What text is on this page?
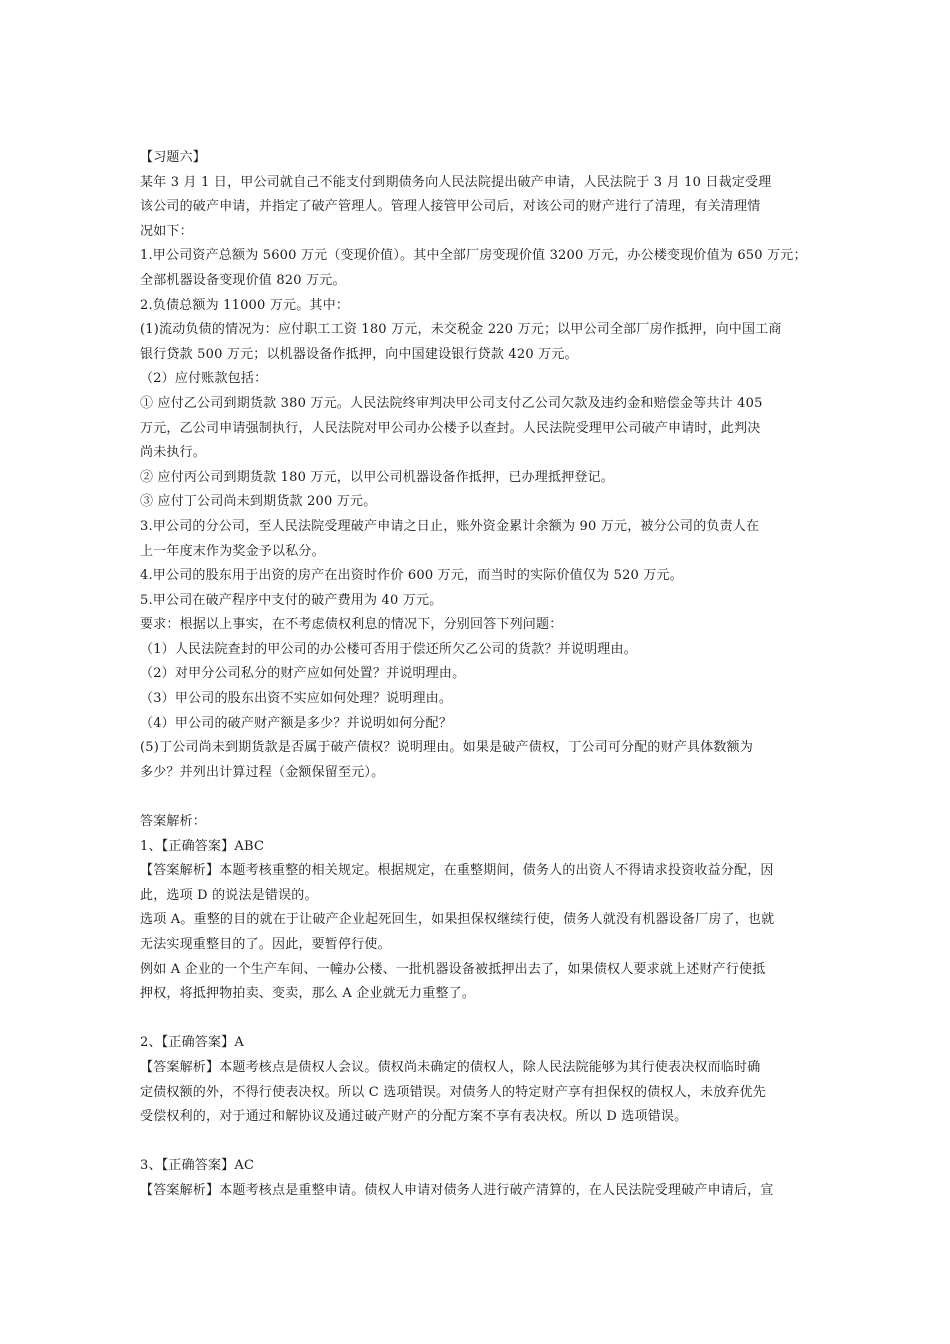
【习题六】
某年 3 月 1 日，甲公司就自己不能支付到期债务向人民法院提出破产申请，人民法院于 3 月 10 日裁定受理
该公司的破产申请，并指定了破产管理人。管理人接管甲公司后，对该公司的财产进行了清理，有关清理情
况如下：
1.甲公司资产总额为 5600 万元（变现价值）。其中全部厂房变现价值 3200 万元，办公楼变现价值为 650 万元；
全部机器设备变现价值 820 万元。
2.负债总额为 11000 万元。其中：
(1)流动负债的情况为：应付职工工资 180 万元，未交税金 220 万元；以甲公司全部厂房作抵押，向中国工商
银行贷款 500 万元；以机器设备作抵押，向中国建设银行贷款 420 万元。
（2）应付账款包括：
① 应付乙公司到期货款 380 万元。人民法院终审判决甲公司支付乙公司欠款及违约金和赔偿金等共计 405
万元，乙公司申请强制执行，人民法院对甲公司办公楼予以查封。人民法院受理甲公司破产申请时，此判决
尚未执行。
② 应付丙公司到期货款 180 万元，以甲公司机器设备作抵押，已办理抵押登记。
③ 应付丁公司尚未到期货款 200 万元。
3.甲公司的分公司，至人民法院受理破产申请之日止，账外资金累计余额为 90 万元，被分公司的负责人在
上一年度末作为奖金予以私分。
4.甲公司的股东用于出资的房产在出资时作价 600 万元，而当时的实际价值仅为 520 万元。
5.甲公司在破产程序中支付的破产费用为 40 万元。
要求：根据以上事实，在不考虑债权利息的情况下，分别回答下列问题：
（1）人民法院查封的甲公司的办公楼可否用于偿还所欠乙公司的货款？并说明理由。
（2）对甲分公司私分的财产应如何处置？并说明理由。
（3）甲公司的股东出资不实应如何处理？说明理由。
（4）甲公司的破产财产额是多少？并说明如何分配？
(5)丁公司尚未到期货款是否属于破产债权？说明理由。如果是破产债权，丁公司可分配的财产具体数额为
多少？并列出计算过程（金额保留至元）。
答案解析：
1、【正确答案】ABC
【答案解析】本题考核重整的相关规定。根据规定，在重整期间，债务人的出资人不得请求投资收益分配，因
此，选项 D 的说法是错误的。
选项 A。重整的目的就在于让破产企业起死回生，如果担保权继续行使，债务人就没有机器设备厂房了，也就
无法实现重整目的了。因此，要暂停行使。
例如 A 企业的一个生产车间、一幢办公楼、一批机器设备被抵押出去了，如果债权人要求就上述财产行使抵
押权，将抵押物拍卖、变卖，那么 A 企业就无力重整了。
2、【正确答案】A
【答案解析】本题考核点是债权人会议。债权尚未确定的债权人，除人民法院能够为其行使表决权而临时确
定债权额的外，不得行使表决权。所以 C 选项错误。对债务人的特定财产享有担保权的债权人，未放弃优先
受偿权利的，对于通过和解协议及通过破产财产的分配方案不享有表决权。所以 D 选项错误。
3、【正确答案】AC
【答案解析】本题考核点是重整申请。债权人申请对债务人进行破产清算的，在人民法院受理破产申请后，宣
